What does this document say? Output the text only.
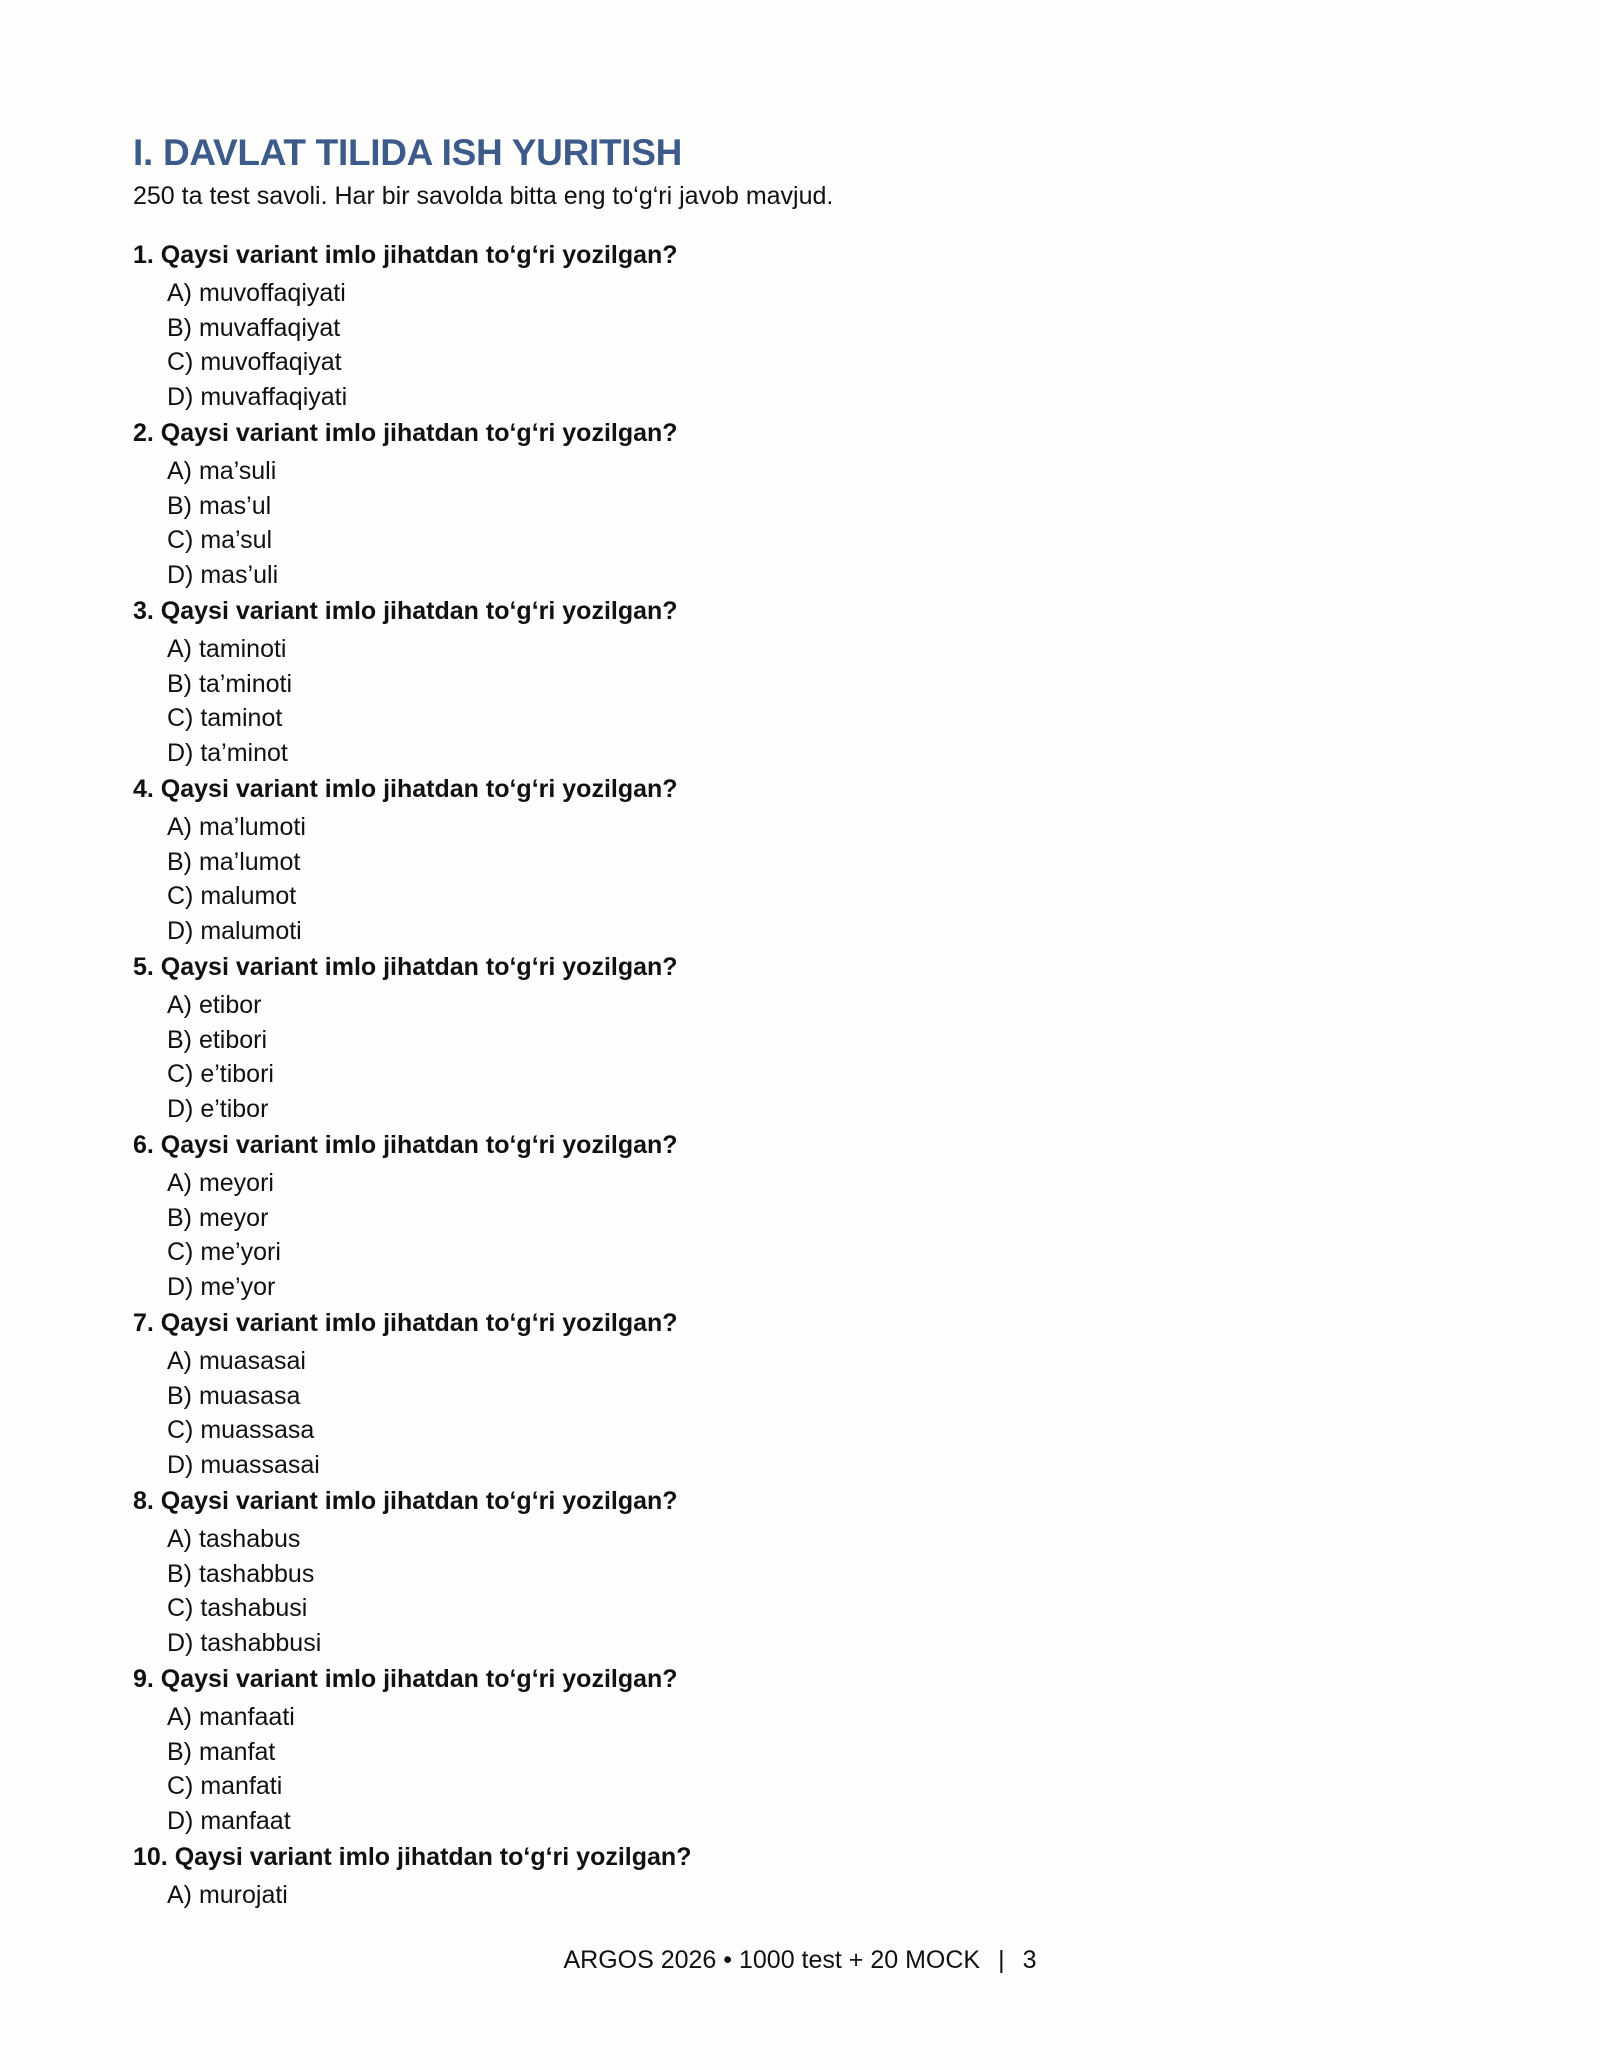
I. DAVLAT TILIDA ISH YURITISH

250 ta test savoli. Har bir savolda bitta eng to‘g‘ri javob mavjud.

1. Qaysi variant imlo jihatdan to‘g‘ri yozilgan?

A) muvoffaqiyati
B) muvaffaqiyat
C) muvoffaqiyat
D) muvaffaqiyati

2. Qaysi variant imlo jihatdan to‘g‘ri yozilgan?

A) ma’suli
B) mas’ul
C) ma’sul
D) mas’uli

3. Qaysi variant imlo jihatdan to‘g‘ri yozilgan?

A) taminoti
B) ta’minoti
C) taminot
D) ta’minot

4. Qaysi variant imlo jihatdan to‘g‘ri yozilgan?

A) ma’lumoti
B) ma’lumot
C) malumot
D) malumoti

5. Qaysi variant imlo jihatdan to‘g‘ri yozilgan?

A) etibor
B) etibori
C) e’tibori
D) e’tibor

6. Qaysi variant imlo jihatdan to‘g‘ri yozilgan?

A) meyori
B) meyor
C) me’yori
D) me’yor

7. Qaysi variant imlo jihatdan to‘g‘ri yozilgan?

A) muasasai
B) muasasa
C) muassasa
D) muassasai

8. Qaysi variant imlo jihatdan to‘g‘ri yozilgan?

A) tashabus
B) tashabbus
C) tashabusi
D) tashabbusi

9. Qaysi variant imlo jihatdan to‘g‘ri yozilgan?

A) manfaati
B) manfat
C) manfati
D) manfaat

10. Qaysi variant imlo jihatdan to‘g‘ri yozilgan?

A) murojati
ARGOS 2026 • 1000 test + 20 MOCK | 3
